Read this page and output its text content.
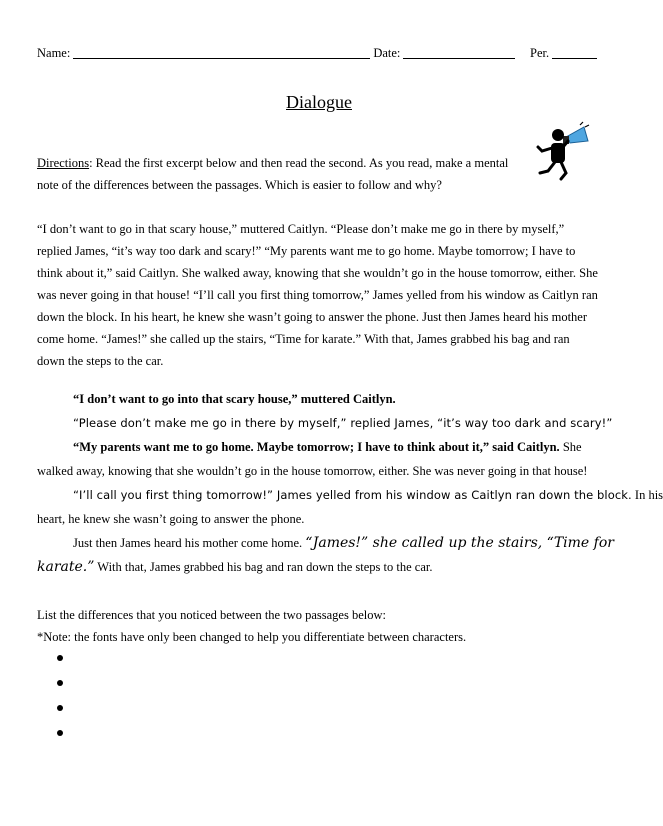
Name:	Date:	Per.
Dialogue
Directions: Read the first excerpt below and then read the second. As you read, make a mental note of the differences between the passages. Which is easier to follow and why?
“I don’t want to go in that scary house,” muttered Caitlyn. “Please don’t make me go in there by myself,” replied James, “it’s way too dark and scary!” “My parents want me to go home. Maybe tomorrow; I have to think about it,” said Caitlyn. She walked away, knowing that she wouldn’t go in the house tomorrow, either. She was never going in that house! “I’ll call you first thing tomorrow,” James yelled from his window as Caitlyn ran down the block. In his heart, he knew she wasn’t going to answer the phone. Just then James heard his mother come home. “James!” she called up the stairs, “Time for karate.” With that, James grabbed his bag and ran down the steps to the car.
“I don’t want to go into that scary house,” muttered Caitlyn.
“Please don’t make me go in there by myself,” replied James, “it’s way too dark and scary!”
“My parents want me to go home. Maybe tomorrow; I have to think about it,” said Caitlyn. She
walked away, knowing that she wouldn’t go in the house tomorrow, either. She was never going in that house!
“I’ll call you first thing tomorrow!” James yelled from his window as Caitlyn ran down the block. In his
heart, he knew she wasn’t going to answer the phone.
Just then James heard his mother come home. “James!” she called up the stairs, “Time for
karate.” With that, James grabbed his bag and ran down the steps to the car.
List the differences that you noticed between the two passages below:
*Note: the fonts have only been changed to help you differentiate between characters.
